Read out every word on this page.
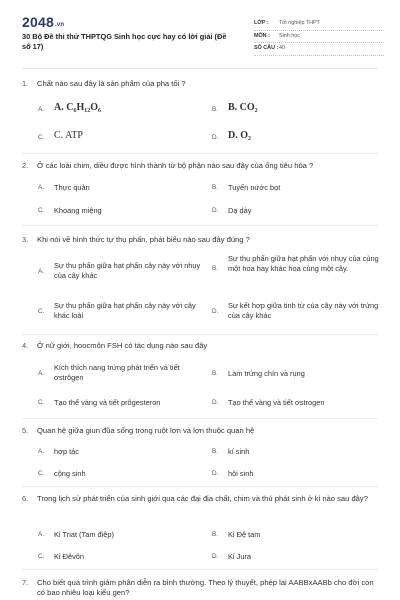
2048.vn
30 Bộ Đề thi thử THPTQG Sinh học cực hay có lời giải (Đề số 17)
LỚP : Tốt nghiệp THPT
MÔN : Sinh học
SỐ CÂU : 40
1. Chất nào sau đây là sản phẩm của pha tối ?
A. A. C₆H₁₂O₆	B. B. CO₂
C. C. ATP	D. D. O₂
2. Ở các loài chim, diều được hình thành từ bộ phận nào sau đây của ống tiêu hóa ?
A. Thực quản	B. Tuyến nước bọt
C. Khoang miệng	D. Dạ dày
3. Khi nói về hình thức tự thụ phấn, phát biểu nào sau đây đúng ?
A.
Sự thụ phấn giữa hạt phấn cây này với nhụy của cây khác
B.
Sự thụ phấn giữa hạt phấn với nhụy của cùng một hoa hay khác hoa cùng một cây.
C.
Sự thụ phấn giữa hạt phấn cây này với cây khác loài	D.
Sự kết hợp giữa tinh tử của cây này với trứng của cây khác
4. Ở nữ giới, hoocmôn FSH có tác dụng nào sau đây
A.
Kích thích nang trứng phát triển và tiết ơstrôgen	B. Làm trứng chín và rụng
C. Tạo thể vàng và tiết prôgesteron	D. Tạo thể vàng và tiết ơstrogen
5. Quan hệ giữa giun đũa sống trong ruột lợn và lợn thuộc quan hệ
A. hợp tác	B. kí sinh
C. cộng sinh	D. hội sinh
6. Trong lịch sử phát triển của sinh giới qua các đại địa chất, chim và thú phát sinh ở kỉ nào sau đây?
A. Kỉ Triat (Tam điệp)	B. Kỉ Đệ tam
C. Kỉ Đêvôn	D. Kỉ Jura
7. Cho biết quá trình giảm phân diễn ra bình thường. Theo lý thuyết, phép lai AABBxAABb cho đời con có bao nhiêu loại kiểu gen?
